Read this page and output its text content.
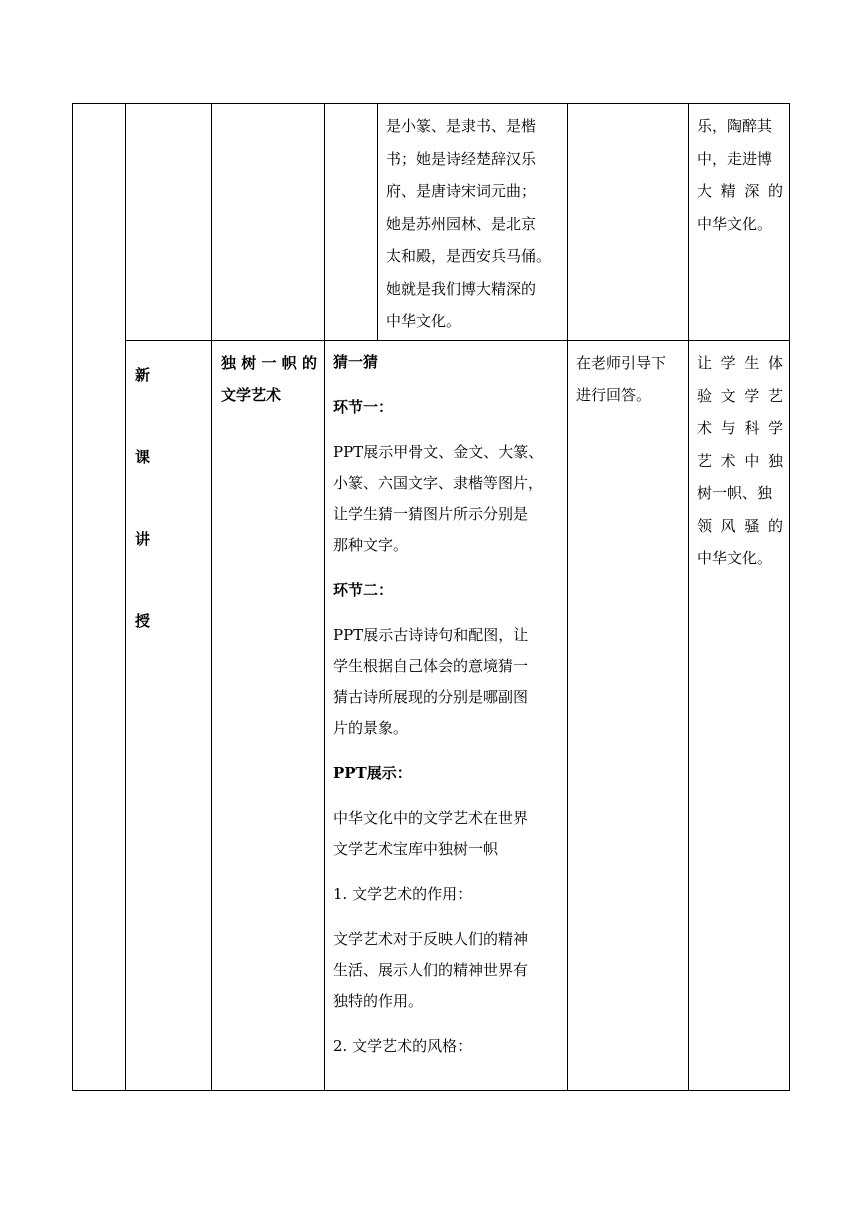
是小篆、是隶书、是楷

书；她是诗经楚辞汉乐

府、是唐诗宋词元曲；

她是苏州园林、是北京

太和殿，是西安兵马俑。

她就是我们博大精深的

中华文化。

乐，陶醉其

中，走进博

大精深的

中华文化。

新
课
讲
授

独树一帜的

文学艺术

猜一猜

环节一：

PPT展示甲骨文、金文、大篆、

小篆、六国文字、隶楷等图片，

让学生猜一猜图片所示分别是

那种文字。

环节二：

PPT展示古诗诗句和配图，让

学生根据自己体会的意境猜一

猜古诗所展现的分别是哪副图

片的景象。

PPT展示：

中华文化中的文学艺术在世界

文学艺术宝库中独树一帜

1. 文学艺术的作用：

文学艺术对于反映人们的精神

生活、展示人们的精神世界有

独特的作用。

2. 文学艺术的风格：

在老师引导下

进行回答。

让学生体

验文学艺

术与科学

艺术中独

树一帜、独

领风骚的

中华文化。
